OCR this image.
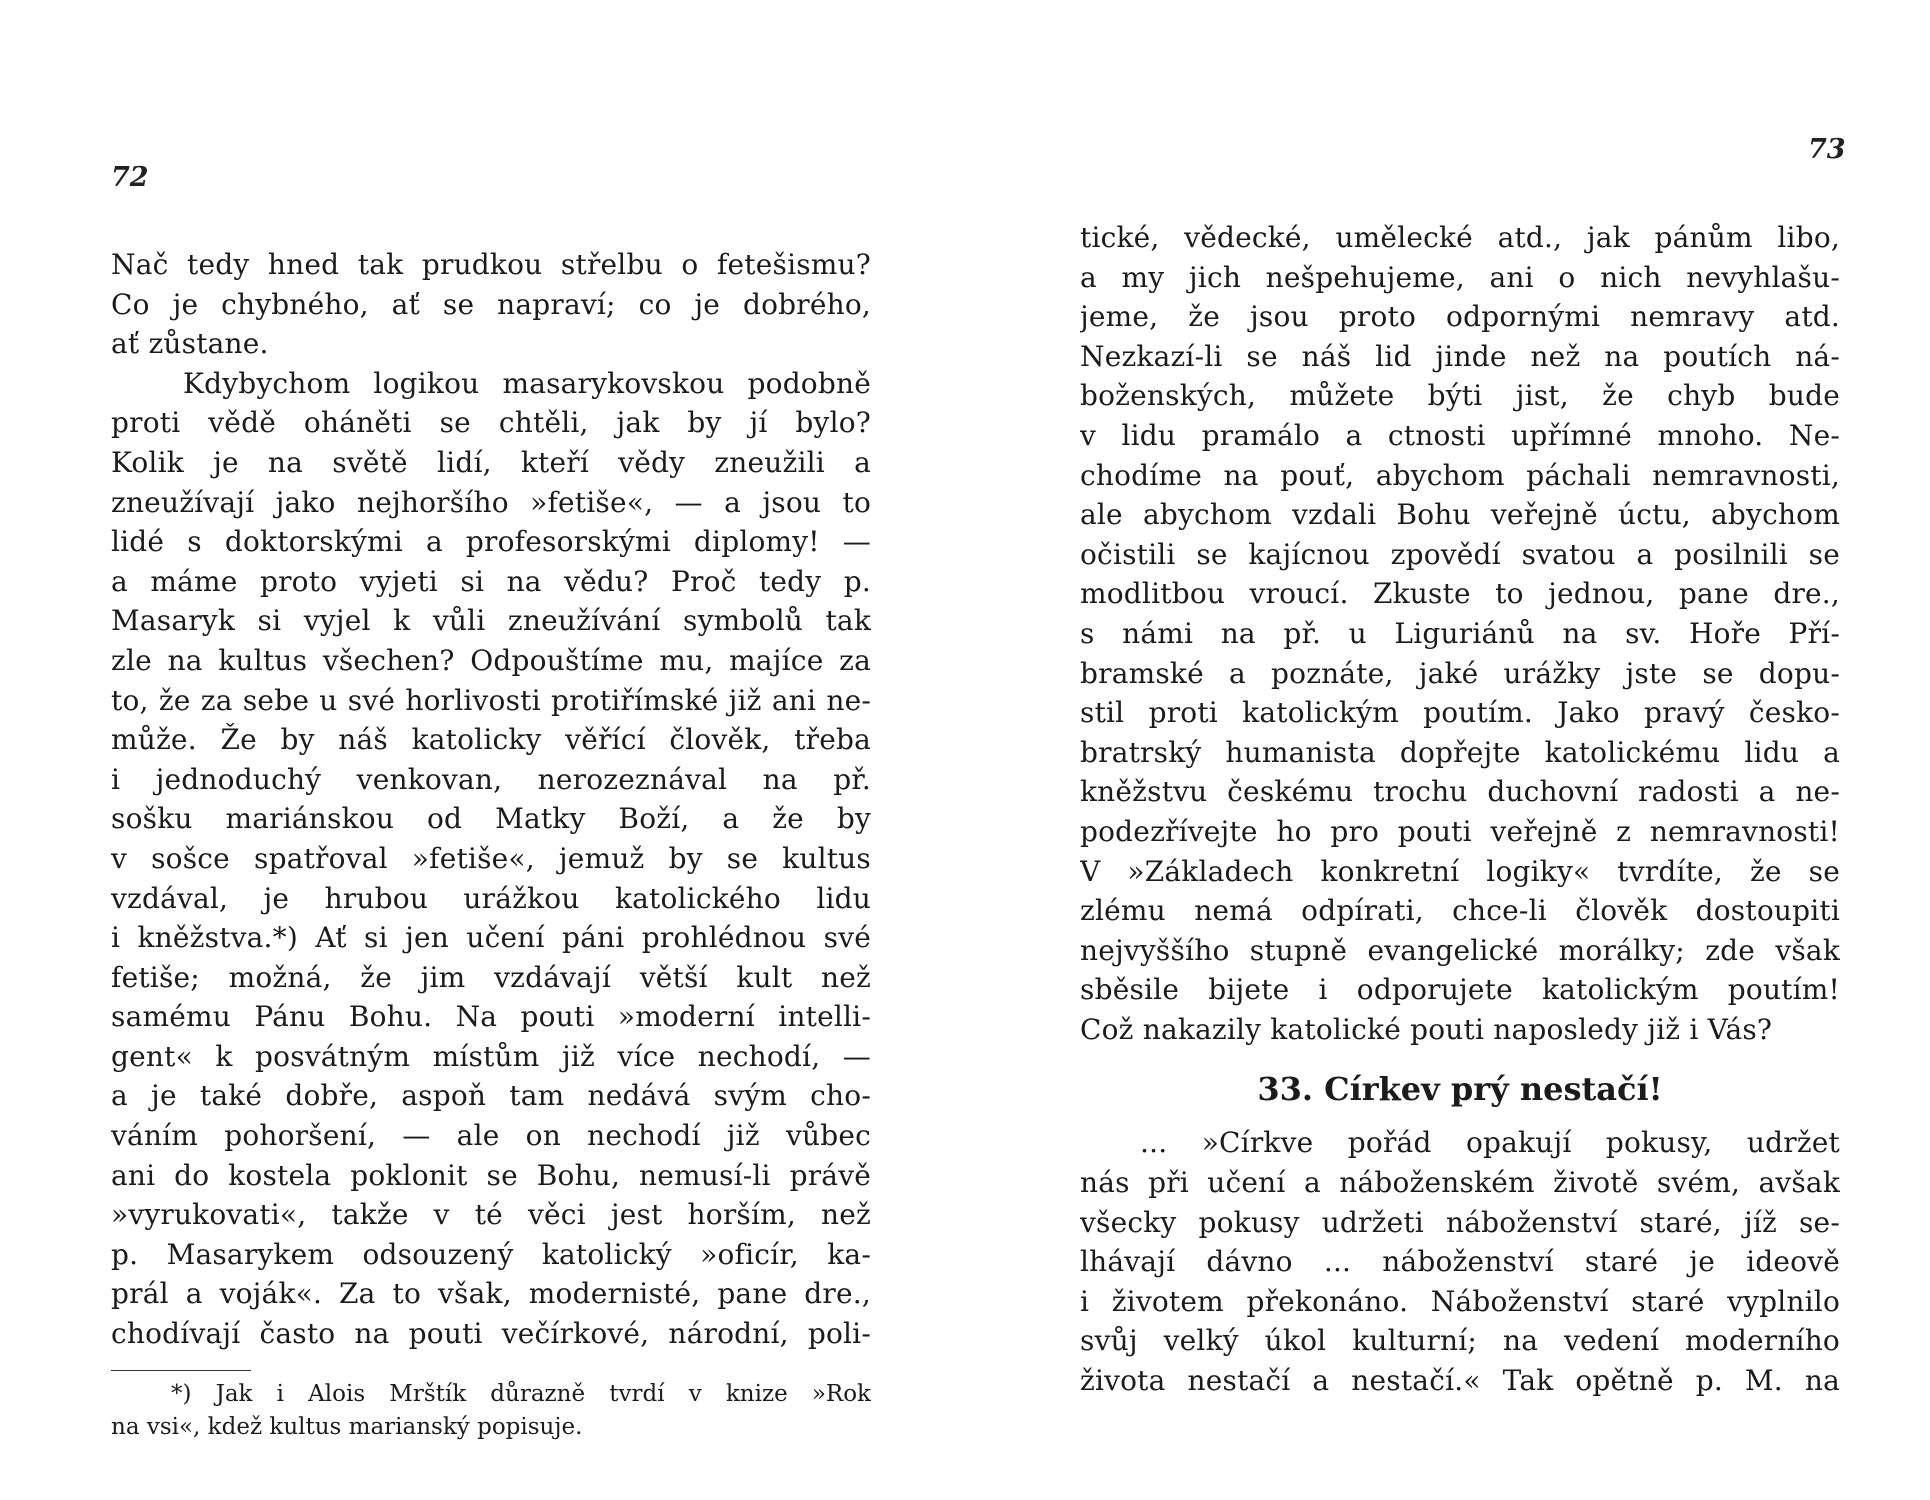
72
Nač tedy hned tak prudkou střelbu o fetešismu?
Co je chybného, ať se napraví; co je dobrého,
ať zůstane.
Kdybychom logikou masarykovskou podobně
proti vědě oháněti se chtěli, jak by jí bylo?
Kolik je na světě lidí, kteří vědy zneužili a
zneužívají jako nejhoršího »fetiše«, — a jsou to
lidé s doktorskými a profesorskými diplomy! —
a máme proto vyjeti si na vědu? Proč tedy p.
Masaryk si vyjel k vůli zneužívání symbolů tak
zle na kultus všechen? Odpouštíme mu, majíce za
to, že za sebe u své horlivosti protiřímské již ani ne-
může. Že by náš katolicky věřící člověk, třeba
i jednoduchý venkovan, nerozeznával na př.
sošku mariánskou od Matky Boží, a že by
v sošce spatřoval »fetiše«, jemuž by se kultus
vzdával, je hrubou urážkou katolického lidu
i kněžstva.*) Ať si jen učení páni prohlédnou své
fetiše; možná, že jim vzdávají větší kult než
samému Pánu Bohu. Na pouti »moderní intelli-
gent« k posvátným místům již více nechodí, —
a je také dobře, aspoň tam nedává svým cho-
váním pohoršení, — ale on nechodí již vůbec
ani do kostela poklonit se Bohu, nemusí-li právě
»vyrukovati«, takže v té věci jest horším, než
p. Masarykem odsouzený katolický »oficír, ka-
prál a voják«. Za to však, modernisté, pane dre.,
chodívají často na pouti večírkové, národní, poli-
*) Jak i Alois Mrštík důrazně tvrdí v knize »Rok
na vsi«, kdež kultus marianský popisuje.
73
tické, vědecké, umělecké atd., jak pánům libo,
a my jich nešpehujeme, ani o nich nevyhlašu-
jeme, že jsou proto odpornými nemravy atd.
Nezkazí-li se náš lid jinde než na poutích ná-
boženských, můžete býti jist, že chyb bude
v lidu pramálo a ctnosti upřímné mnoho. Ne-
chodíme na pouť, abychom páchali nemravnosti,
ale abychom vzdali Bohu veřejně úctu, abychom
očistili se kajícnou zpovědí svatou a posilnili se
modlitbou vroucí. Zkuste to jednou, pane dre.,
s námi na př. u Liguriánů na sv. Hoře Pří-
bramské a poznáte, jaké urážky jste se dopu-
stil proti katolickým poutím. Jako pravý česko-
bratrský humanista dopřejte katolickému lidu a
kněžstvu českému trochu duchovní radosti a ne-
podezřívejte ho pro pouti veřejně z nemravnosti!
V »Základech konkretní logiky« tvrdíte, že se
zlému nemá odpírati, chce-li člověk dostoupiti
nejvyššího stupně evangelické morálky; zde však
sběsile bijete i odporujete katolickým poutím!
Což nakazily katolické pouti naposledy již i Vás?
33. Církev prý nestačí!
... »Církve pořád opakují pokusy, udržet
nás při učení a náboženském životě svém, avšak
všecky pokusy udržeti náboženství staré, jíž se-
lhávají dávno ... náboženství staré je ideově
i životem překonáno. Náboženství staré vyplnilo
svůj velký úkol kulturní; na vedení moderního
života nestačí a nestačí.« Tak opětně p. M. na
